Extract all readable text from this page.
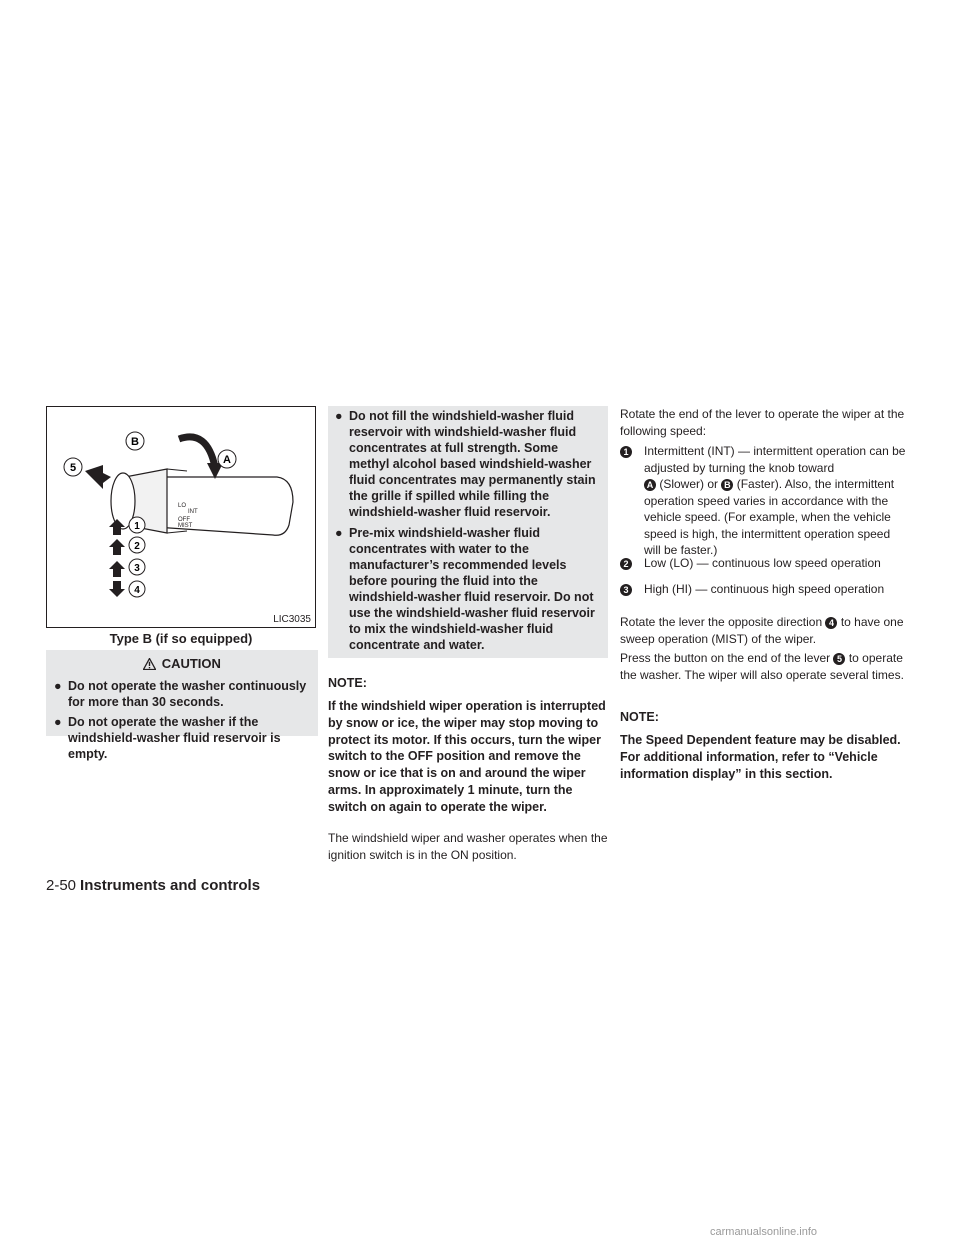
LO
INT
OFF
MIST
B
5
A
1
2
3
4
LIC3035
Type B (if so equipped)
CAUTION
● Do not operate the washer continuously for more than 30 seconds.
● Do not operate the washer if the windshield-washer fluid reservoir is empty.
● Do not fill the windshield-washer fluid reservoir with windshield-washer fluid concentrates at full strength. Some methyl alcohol based windshield-washer fluid concentrates may permanently stain the grille if spilled while filling the windshield-washer fluid reservoir.
● Pre-mix windshield-washer fluid concentrates with water to the manufacturer’s recommended levels before pouring the fluid into the windshield-washer fluid reservoir. Do not use the windshield-washer fluid reservoir to mix the windshield-washer fluid concentrate and water.
NOTE:
If the windshield wiper operation is interrupted by snow or ice, the wiper may stop moving to protect its motor. If this occurs, turn the wiper switch to the OFF position and remove the snow or ice that is on and around the wiper arms. In approximately 1 minute, turn the switch on again to operate the wiper.
The windshield wiper and washer operates when the ignition switch is in the ON position.
Rotate the end of the lever to operate the wiper at the following speed:
1	Intermittent (INT) — intermittent operation can be adjusted by turning the knob toward
A (Slower) or B (Faster). Also, the intermittent operation speed varies in accordance with the vehicle speed. (For example, when the vehicle speed is high, the intermittent operation speed will be faster.)
2	Low (LO) — continuous low speed operation
3	High (HI) — continuous high speed operation
Rotate the lever the opposite direction 4 to have one sweep operation (MIST) of the wiper.
Press the button on the end of the lever 5 to operate the washer. The wiper will also operate several times.
NOTE:
The Speed Dependent feature may be disabled. For additional information, refer to “Vehicle information display” in this section.
2-50 Instruments and controls
carmanualsonline.info
